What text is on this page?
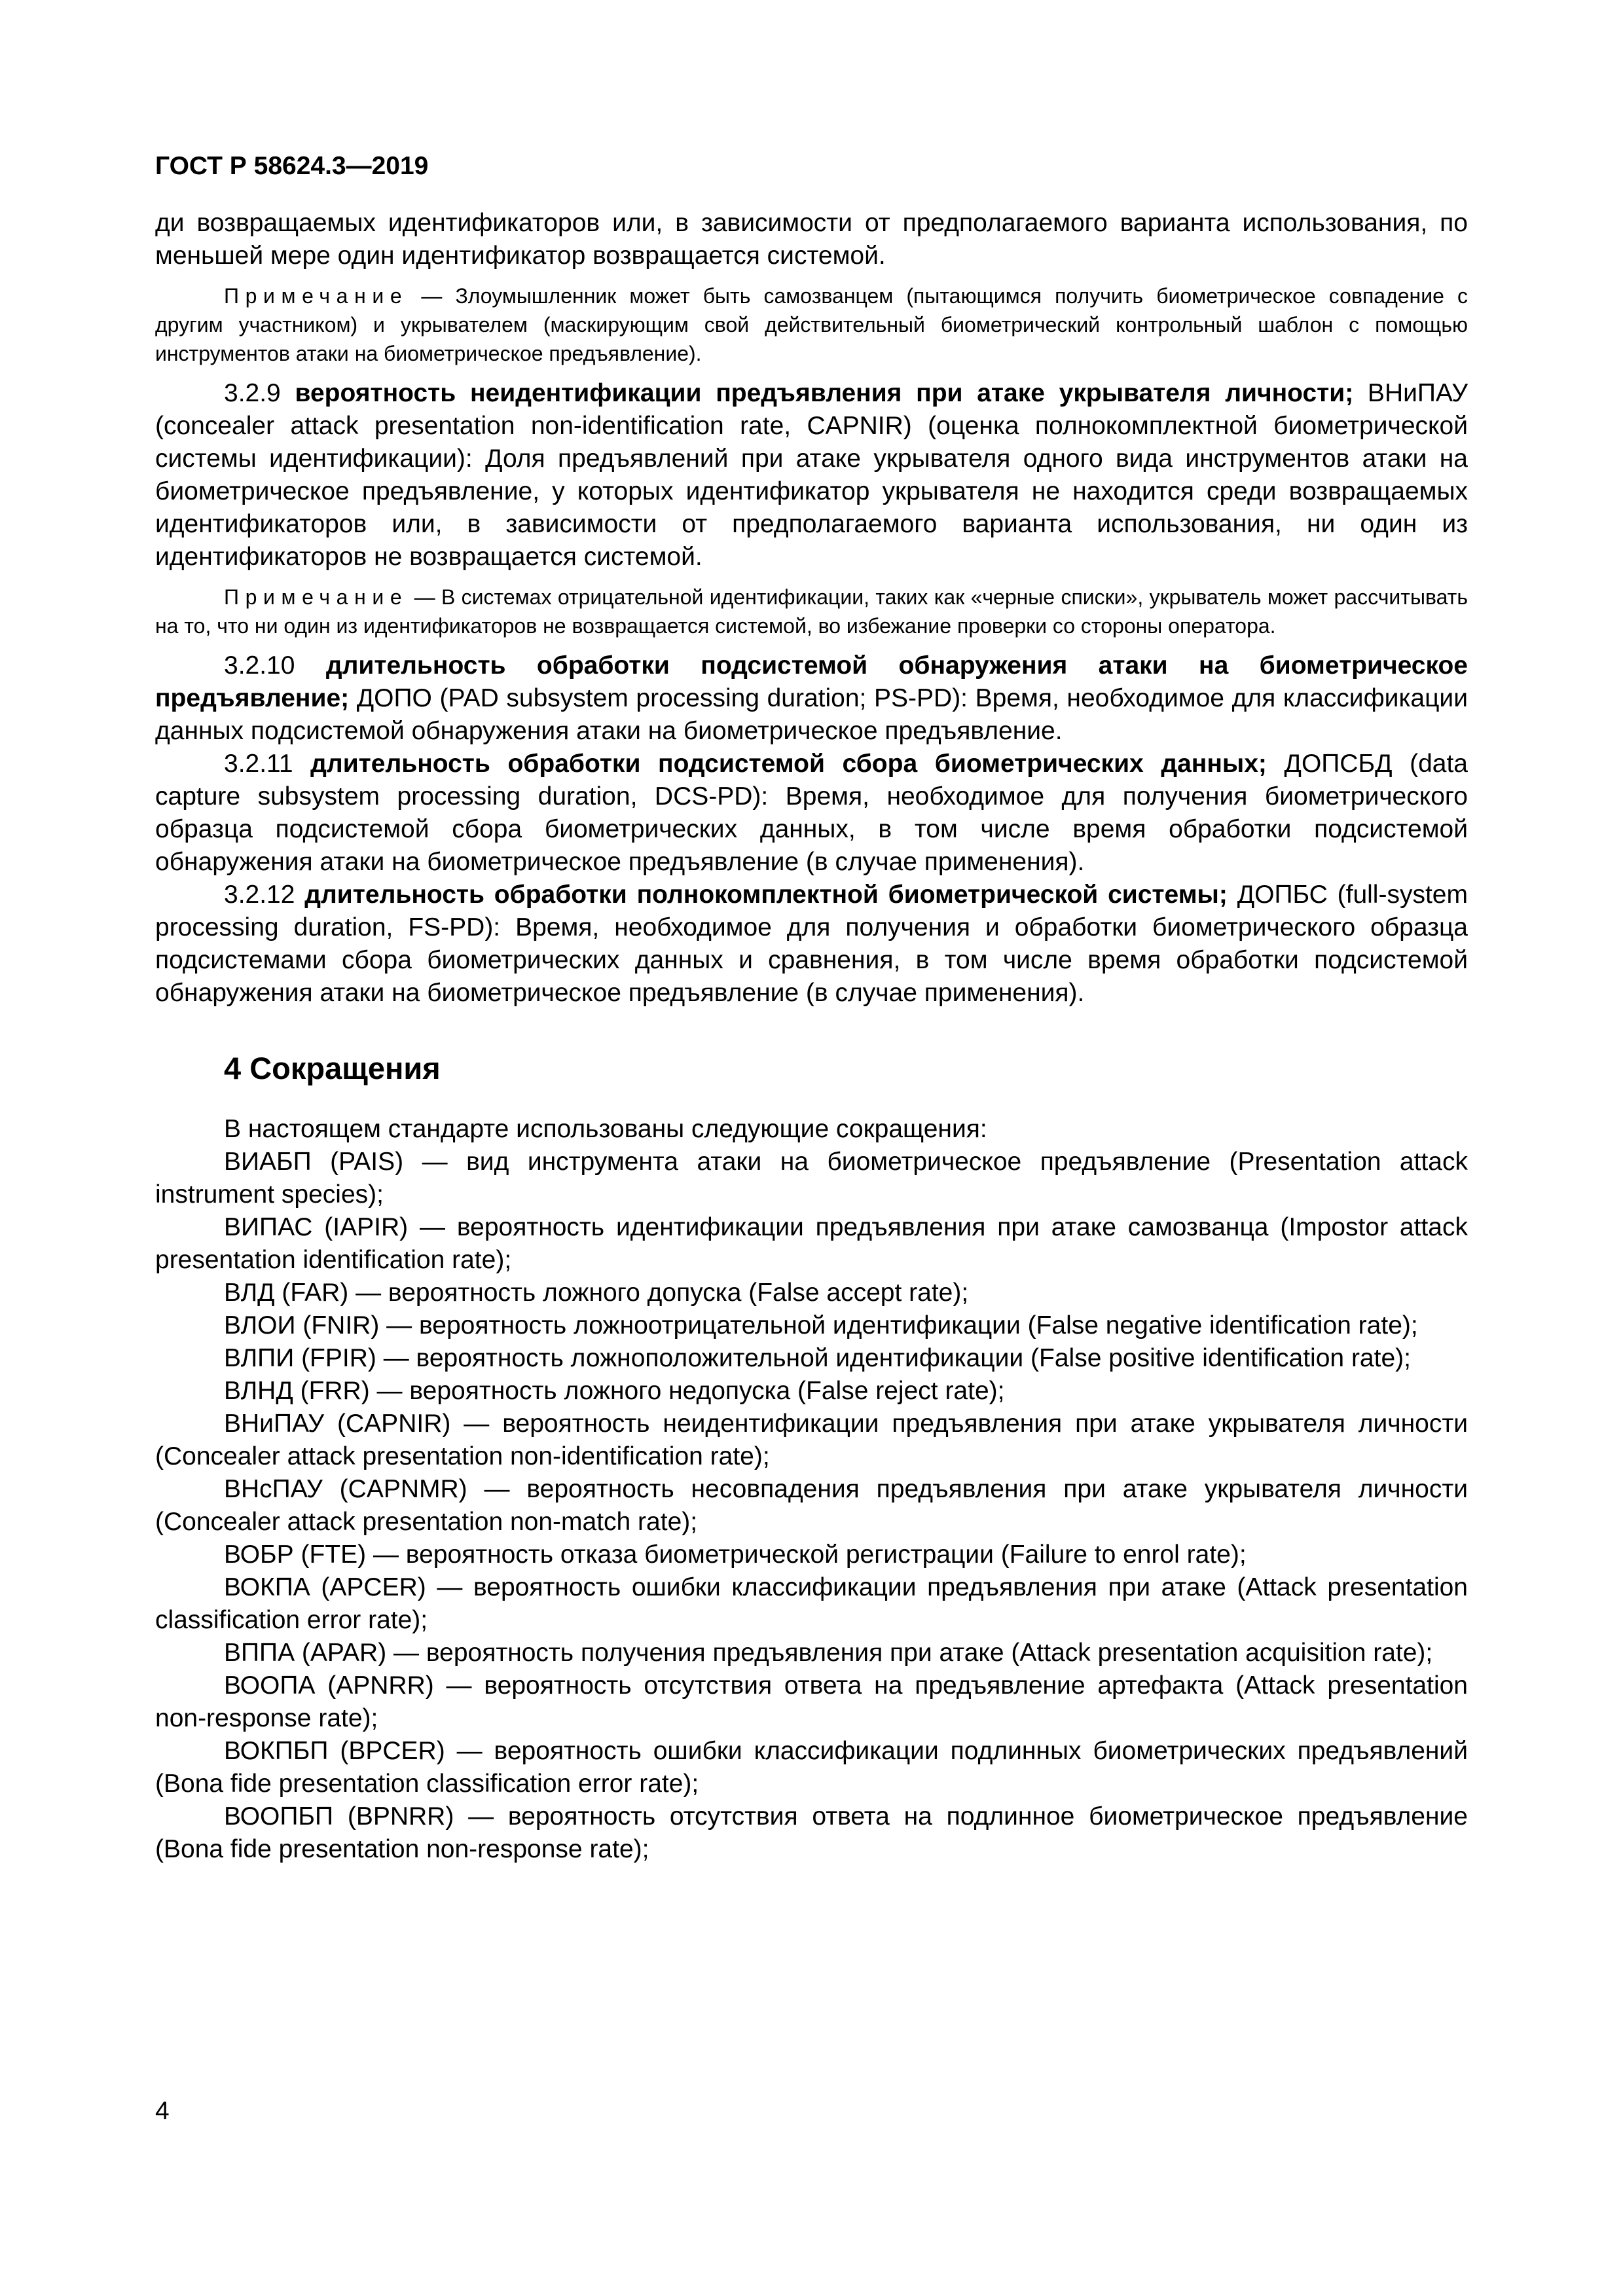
ГОСТ Р 58624.3—2019

ди возвращаемых идентификаторов или, в зависимости от предполагаемого варианта использования, по меньшей мере один идентификатор возвращается системой.

Примечание — Злоумышленник может быть самозванцем (пытающимся получить биометрическое совпадение с другим участником) и укрывателем (маскирующим свой действительный биометрический контрольный шаблон с помощью инструментов атаки на биометрическое предъявление).

3.2.9 вероятность неидентификации предъявления при атаке укрывателя личности; ВНиПАУ (concealer attack presentation non-identification rate, CAPNIR) (оценка полнокомплектной биометрической системы идентификации): Доля предъявлений при атаке укрывателя одного вида инструментов атаки на биометрическое предъявление, у которых идентификатор укрывателя не находится среди возвращаемых идентификаторов или, в зависимости от предполагаемого варианта использования, ни один из идентификаторов не возвращается системой.

Примечание — В системах отрицательной идентификации, таких как «черные списки», укрыватель может рассчитывать на то, что ни один из идентификаторов не возвращается системой, во избежание проверки со стороны оператора.

3.2.10 длительность обработки подсистемой обнаружения атаки на биометрическое предъявление; ДОПО (PAD subsystem processing duration; PS-PD): Время, необходимое для классификации данных подсистемой обнаружения атаки на биометрическое предъявление.

3.2.11 длительность обработки подсистемой сбора биометрических данных; ДОПСБД (data capture subsystem processing duration, DCS-PD): Время, необходимое для получения биометрического образца подсистемой сбора биометрических данных, в том числе время обработки подсистемой обнаружения атаки на биометрическое предъявление (в случае применения).

3.2.12 длительность обработки полнокомплектной биометрической системы; ДОПБС (full-system processing duration, FS-PD): Время, необходимое для получения и обработки биометрического образца подсистемами сбора биометрических данных и сравнения, в том числе время обработки подсистемой обнаружения атаки на биометрическое предъявление (в случае применения).

4 Сокращения

В настоящем стандарте использованы следующие сокращения:

ВИАБП (PAIS) — вид инструмента атаки на биометрическое предъявление (Presentation attack instrument species);

ВИПАС (IAPIR) — вероятность идентификации предъявления при атаке самозванца (Impostor attack presentation identification rate);

ВЛД (FAR) — вероятность ложного допуска (False accept rate);

ВЛОИ (FNIR) — вероятность ложноотрицательной идентификации (False negative identification rate);

ВЛПИ (FPIR) — вероятность ложноположительной идентификации (False positive identification rate);

ВЛНД (FRR) — вероятность ложного недопуска (False reject rate);

ВНиПАУ (CAPNIR) — вероятность неидентификации предъявления при атаке укрывателя личности (Concealer attack presentation non-identification rate);

ВНсПАУ (CAPNMR) — вероятность несовпадения предъявления при атаке укрывателя личности (Concealer attack presentation non-match rate);

ВОБР (FTE) — вероятность отказа биометрической регистрации (Failure to enrol rate);

ВОКПА (APCER) — вероятность ошибки классификации предъявления при атаке (Attack presentation classification error rate);

ВППА (APAR) — вероятность получения предъявления при атаке (Attack presentation acquisition rate);

ВООПА (APNRR) — вероятность отсутствия ответа на предъявление артефакта (Attack presentation non-response rate);

ВОКПБП (BPCER) — вероятность ошибки классификации подлинных биометрических предъявлений (Bona fide presentation classification error rate);

ВООПБП (BPNRR) — вероятность отсутствия ответа на подлинное биометрическое предъявление (Bona fide presentation non-response rate);

4
